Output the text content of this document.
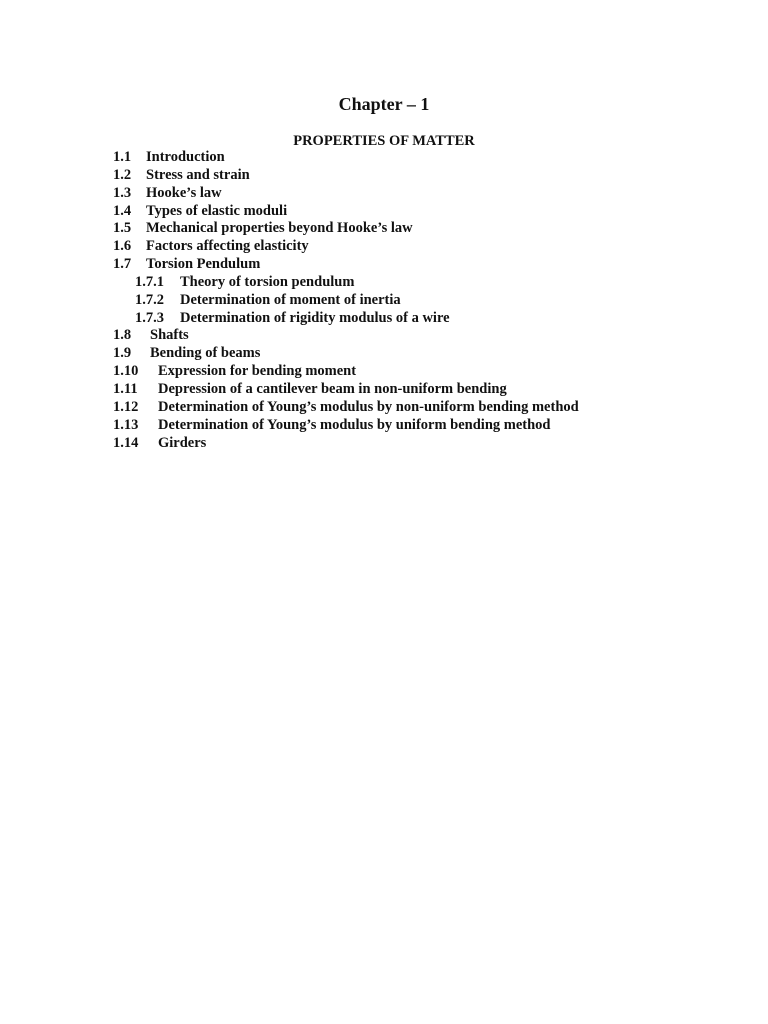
Chapter – 1
PROPERTIES OF MATTER
1.1 Introduction
1.2 Stress and strain
1.3 Hooke’s law
1.4 Types of elastic moduli
1.5 Mechanical properties beyond Hooke’s law
1.6 Factors affecting elasticity
1.7 Torsion Pendulum
1.7.1 Theory of torsion pendulum
1.7.2 Determination of moment of inertia
1.7.3 Determination of rigidity modulus of a wire
1.8 Shafts
1.9 Bending of beams
1.10 Expression for bending moment
1.11 Depression of a cantilever beam in non-uniform bending
1.12 Determination of Young’s modulus by non-uniform bending method
1.13 Determination of Young’s modulus by uniform bending method
1.14 Girders
